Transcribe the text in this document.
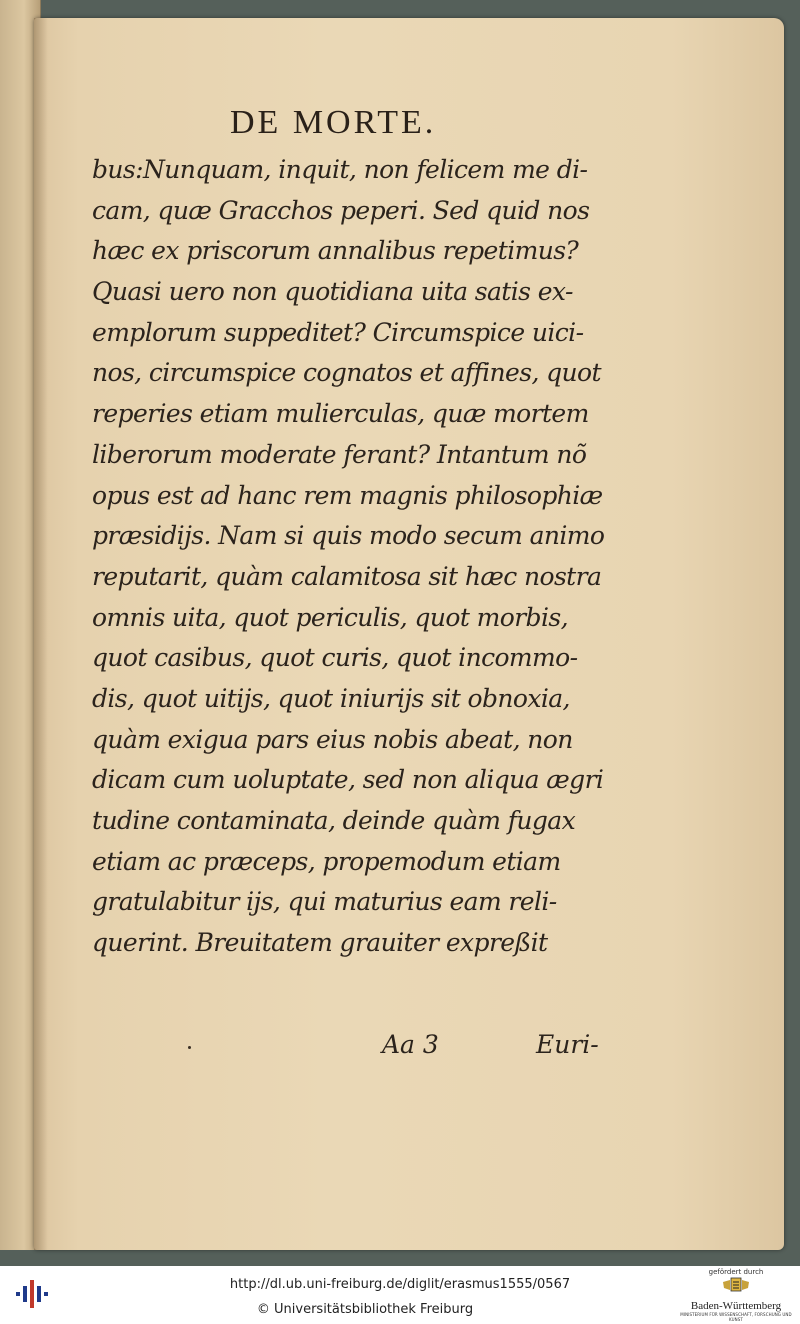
DE MORTE.
bus:Nunquam, inquit, non felicem me di-
cam, quæ Gracchos peperi. Sed quid nos
hæc ex priscorum annalibus repetimus?
Quasi uero non quotidiana uita satis ex-
emplorum suppeditet? Circumspice uici-
nos, circumspice cognatos et affines, quot
reperies etiam mulierculas, quæ mortem
liberorum moderate ferant? Intantum nõ
opus est ad hanc rem magnis philosophiæ
præsidijs. Nam si quis modo secum animo
reputarit, quàm calamitosa sit hæc nostra
omnis uita, quot periculis, quot morbis,
quot casibus, quot curis, quot incommo-
dis, quot uitijs, quot iniurijs sit obnoxia,
quàm exigua pars eius nobis abeat, non
dicam cum uoluptate, sed non aliqua ægri
tudine contaminata, deinde quàm fugax
etiam ac præceps, propemodum etiam
gratulabitur ijs, qui maturius eam reli-
querint. Breuitatem grauiter expreßit
Aa 3	Euri-
http://dl.ub.uni-freiburg.de/diglit/erasmus1555/0567
© Universitätsbibliothek Freiburg
gefördert durch
Baden-Württemberg
MINISTERIUM FÜR WISSENSCHAFT, FORSCHUNG UND KUNST
